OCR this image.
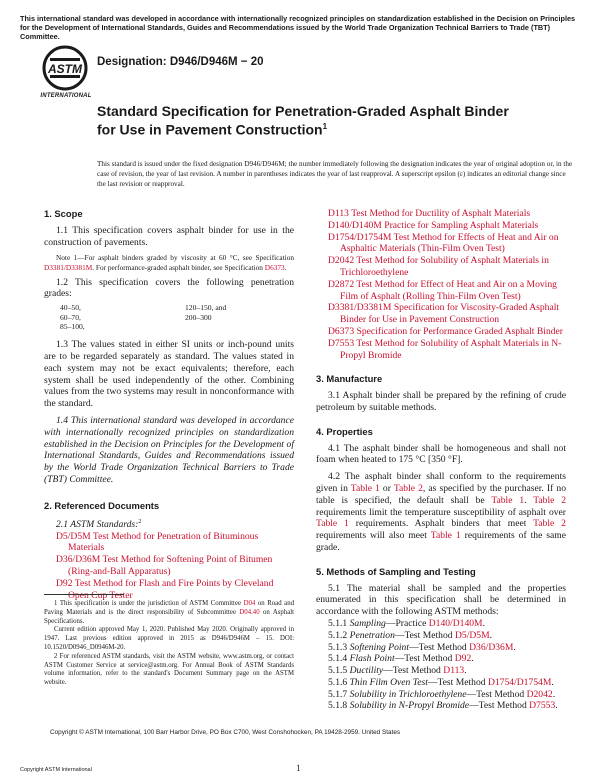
This international standard was developed in accordance with internationally recognized principles on standardization established in the Decision on Principles for the Development of International Standards, Guides and Recommendations issued by the World Trade Organization Technical Barriers to Trade (TBT) Committee.
ASTM
INTERNATIONAL
Designation: D946/D946M − 20
Standard Specification for Penetration-Graded Asphalt Binder for Use in Pavement Construction$^1$
This standard is issued under the fixed designation D946/D946M; the number immediately following the designation indicates the year of original adoption or, in the case of revision, the year of last revision. A number in parentheses indicates the year of last reapproval. A superscript epsilon (ε) indicates an editorial change since the last revision or reapproval.
1. Scope

1.1 This specification covers asphalt binder for use in the construction of pavements.

Note 1—For asphalt binders graded by viscosity at 60 °C, see Specification D3381/D3381M. For performance-graded asphalt binder, see Specification D6373.

1.2 This specification covers the following penetration grades:

40–50,
60–70,
85–100,
120–150, and
200–300

1.3 The values stated in either SI units or inch-pound units are to be regarded separately as standard. The values stated in each system may not be exact equivalents; therefore, each system shall be used independently of the other. Combining values from the two systems may result in nonconformance with the standard.

1.4 This international standard was developed in accordance with internationally recognized principles on standardization established in the Decision on Principles for the Development of International Standards, Guides and Recommendations issued by the World Trade Organization Technical Barriers to Trade (TBT) Committee.

2. Referenced Documents

2.1 ASTM Standards:$^2$

D5/D5M Test Method for Penetration of Bituminous Materials

D36/D36M Test Method for Softening Point of Bitumen (Ring-and-Ball Apparatus)

D92 Test Method for Flash and Fire Points by Cleveland Open Cup Tester

1 This specification is under the jurisdiction of ASTM Committee D04 on Road and Paving Materials and is the direct responsibility of Subcommittee D04.40 on Asphalt Specifications.

Current edition approved May 1, 2020. Published May 2020. Originally approved in 1947. Last previous edition approved in 2015 as D946/D946M – 15. DOI: 10.1520/D0946_D0946M-20.

2 For referenced ASTM standards, visit the ASTM website, www.astm.org, or contact ASTM Customer Service at service@astm.org. For Annual Book of ASTM Standards volume information, refer to the standard's Document Summary page on the ASTM website.

D113 Test Method for Ductility of Asphalt Materials

D140/D140M Practice for Sampling Asphalt Materials

D1754/D1754M Test Method for Effects of Heat and Air on Asphaltic Materials (Thin-Film Oven Test)

D2042 Test Method for Solubility of Asphalt Materials in Trichloroethylene

D2872 Test Method for Effect of Heat and Air on a Moving Film of Asphalt (Rolling Thin-Film Oven Test)

D3381/D3381M Specification for Viscosity-Graded Asphalt Binder for Use in Pavement Construction

D6373 Specification for Performance Graded Asphalt Binder

D7553 Test Method for Solubility of Asphalt Materials in N-Propyl Bromide

3. Manufacture

3.1 Asphalt binder shall be prepared by the refining of crude petroleum by suitable methods.

4. Properties

4.1 The asphalt binder shall be homogeneous and shall not foam when heated to 175 °C [350 °F].

4.2 The asphalt binder shall conform to the requirements given in Table 1 or Table 2, as specified by the purchaser. If no table is specified, the default shall be Table 1. Table 2 requirements limit the temperature susceptibility of asphalt over Table 1 requirements. Asphalt binders that meet Table 2 requirements will also meet Table 1 requirements of the same grade.

5. Methods of Sampling and Testing

5.1 The material shall be sampled and the properties enumerated in this specification shall be determined in accordance with the following ASTM methods:

5.1.1 Sampling—Practice D140/D140M.

5.1.2 Penetration—Test Method D5/D5M.

5.1.3 Softening Point—Test Method D36/D36M.

5.1.4 Flash Point—Test Method D92.

5.1.5 Ductility—Test Method D113.

5.1.6 Thin Film Oven Test—Test Method D1754/D1754M.

5.1.7 Solubility in Trichloroethylene—Test Method D2042.

5.1.8 Solubility in N-Propyl Bromide—Test Method D7553.

Copyright © ASTM International, 100 Barr Harbor Drive, PO Box C700, West Conshohocken, PA 19428-2959. United States
Copyright ASTM International	1
